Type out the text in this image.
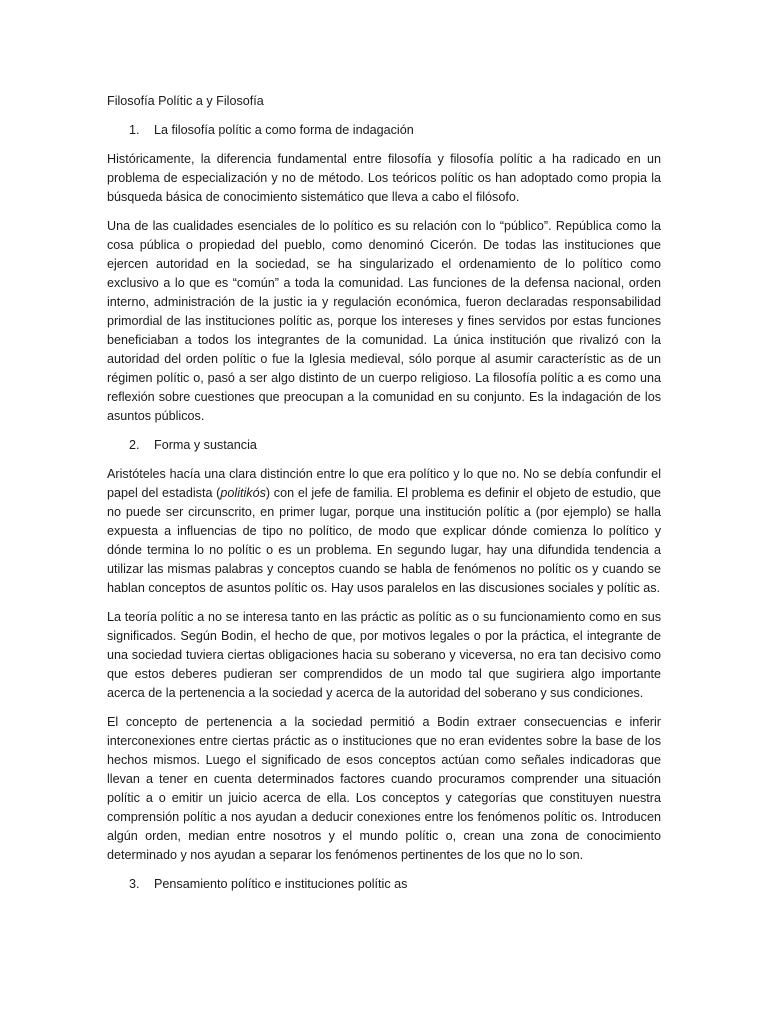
Filosofía Polític a y Filosofía
1.	La filosofía polític a como forma de indagación

Históricamente, la diferencia fundamental entre filosofía y filosofía polític a ha radicado en un problema de especialización y no de método. Los teóricos polític os han adoptado como propia la búsqueda básica de conocimiento sistemático que lleva a cabo el filósofo.

Una de las cualidades esenciales de lo político es su relación con lo “público”. República como la cosa pública o propiedad del pueblo, como denominó Cicerón. De todas las instituciones que ejercen autoridad en la sociedad, se ha singularizado el ordenamiento de lo político como exclusivo a lo que es “común” a toda la comunidad. Las funciones de la defensa nacional, orden interno, administración de la justic ia y regulación económica, fueron declaradas responsabilidad primordial de las instituciones polític as, porque los intereses y fines servidos por estas funciones beneficiaban a todos los integrantes de la comunidad. La única institución que rivalizó con la autoridad del orden polític o fue la Iglesia medieval, sólo porque al asumir característic as de un régimen polític o, pasó a ser algo distinto de un cuerpo religioso. La filosofía polític a es como una reflexión sobre cuestiones que preocupan a la comunidad en su conjunto. Es la indagación de los asuntos públicos.

2.	Forma y sustancia

Aristóteles hacía una clara distinción entre lo que era político y lo que no. No se debía confundir el papel del estadista (politikós) con el jefe de familia. El problema es definir el objeto de estudio, que no puede ser circunscrito, en primer lugar, porque una institución polític a (por ejemplo) se halla expuesta a influencias de tipo no político, de modo que explicar dónde comienza lo político y dónde termina lo no polític o es un problema. En segundo lugar, hay una difundida tendencia a utilizar las mismas palabras y conceptos cuando se habla de fenómenos no polític os y cuando se hablan conceptos de asuntos polític os. Hay usos paralelos en las discusiones sociales y polític as.

La teoría polític a no se interesa tanto en las práctic as polític as o su funcionamiento como en sus significados. Según Bodin, el hecho de que, por motivos legales o por la práctica, el integrante de una sociedad tuviera ciertas obligaciones hacia su soberano y viceversa, no era tan decisivo como que estos deberes pudieran ser comprendidos de un modo tal que sugiriera algo importante acerca de la pertenencia a la sociedad y acerca de la autoridad del soberano y sus condiciones.

El concepto de pertenencia a la sociedad permitió a Bodin extraer consecuencias e inferir interconexiones entre ciertas práctic as o instituciones que no eran evidentes sobre la base de los hechos mismos. Luego el significado de esos conceptos actúan como señales indicadoras que llevan a tener en cuenta determinados factores cuando procuramos comprender una situación polític a o emitir un juicio acerca de ella. Los conceptos y categorías que constituyen nuestra comprensión polític a nos ayudan a deducir conexiones entre los fenómenos polític os. Introducen algún orden, median entre nosotros y el mundo polític o, crean una zona de conocimiento determinado y nos ayudan a separar los fenómenos pertinentes de los que no lo son.

3.	Pensamiento político e instituciones polític as
